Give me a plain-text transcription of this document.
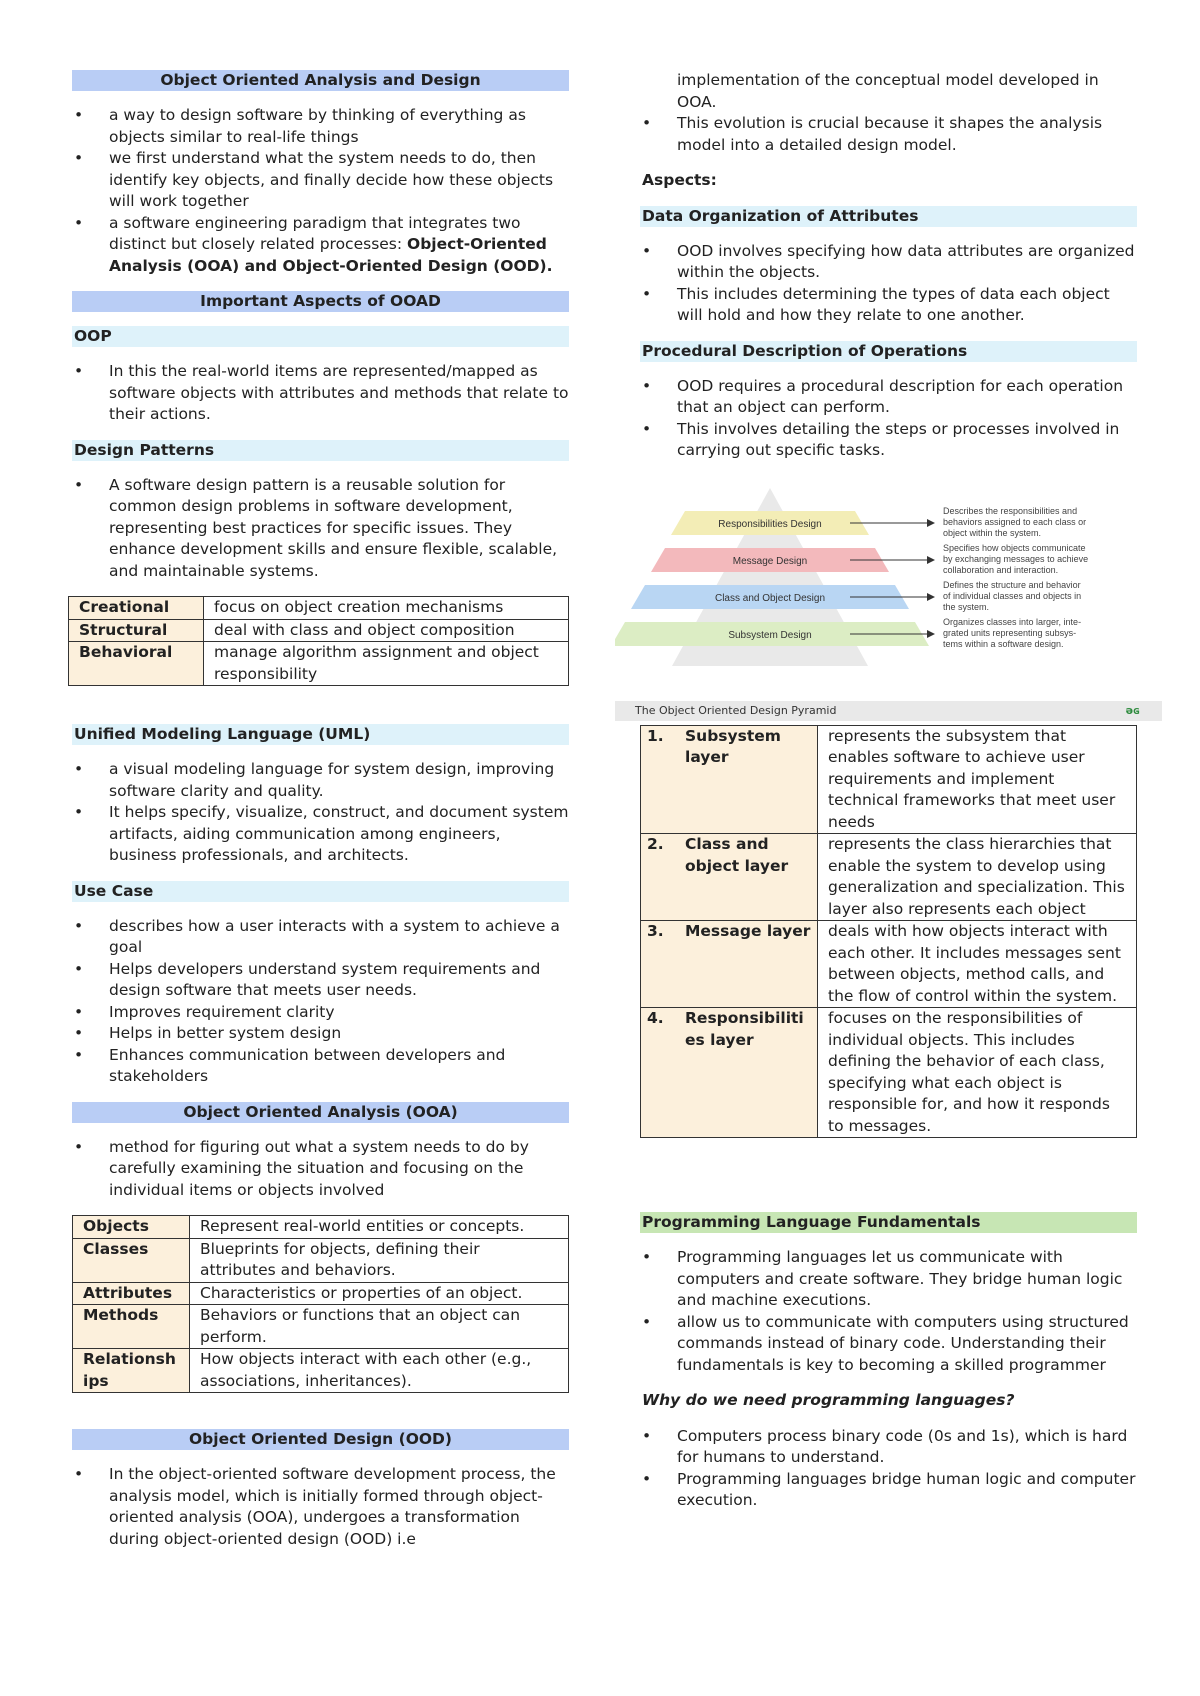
Object Oriented Analysis and Design
• a way to design software by thinking of everything as objects similar to real-life things
• we first understand what the system needs to do, then identify key objects, and finally decide how these objects will work together
• a software engineering paradigm that integrates two distinct but closely related processes: Object-Oriented Analysis (OOA) and Object-Oriented Design (OOD).
Important Aspects of OOAD
OOP
• In this the real-world items are represented/mapped as software objects with attributes and methods that relate to their actions.
Design Patterns
• A software design pattern is a reusable solution for common design problems in software development, representing best practices for specific issues. They enhance development skills and ensure flexible, scalable, and maintainable systems.
Creational	focus on object creation mechanisms
Structural	deal with class and object composition
Behavioral	manage algorithm assignment and object responsibility
Unified Modeling Language (UML)
• a visual modeling language for system design, improving software clarity and quality.
• It helps specify, visualize, construct, and document system artifacts, aiding communication among engineers, business professionals, and architects.
Use Case
• describes how a user interacts with a system to achieve a goal
• Helps developers understand system requirements and design software that meets user needs.
• Improves requirement clarity
• Helps in better system design
• Enhances communication between developers and stakeholders
Object Oriented Analysis (OOA)
• method for figuring out what a system needs to do by carefully examining the situation and focusing on the individual items or objects involved
Objects	Represent real-world entities or concepts.
Classes	Blueprints for objects, defining their attributes and behaviors.
Attributes	Characteristics or properties of an object.
Methods	Behaviors or functions that an object can perform.
Relationships	How objects interact with each other (e.g., associations, inheritances).
Object Oriented Design (OOD)
• In the object-oriented software development process, the analysis model, which is initially formed through object-oriented analysis (OOA), undergoes a transformation during object-oriented design (OOD) i.e
implementation of the conceptual model developed in OOA.
• This evolution is crucial because it shapes the analysis model into a detailed design model.
Aspects:
Data Organization of Attributes
• OOD involves specifying how data attributes are organized within the objects.
• This includes determining the types of data each object will hold and how they relate to one another.
Procedural Description of Operations
• OOD requires a procedural description for each operation that an object can perform.
• This involves detailing the steps or processes involved in carrying out specific tasks.
Responsibilities Design
Describes the responsibilities and
behaviors assigned to each class or
object within the system.
Message Design
Specifies how objects communicate
by exchanging messages to achieve
collaboration and interaction.
Class and Object Design
Defines the structure and behavior
of individual classes and objects in
the system.
Subsystem Design
Organizes classes into larger, inte-
grated units representing subsys-
tems within a software design.
The Object Oriented Design Pyramid	əɢ
1. Subsystem layer	represents the subsystem that enables software to achieve user requirements and implement technical frameworks that meet user needs

2. Class and object layer	represents the class hierarchies that enable the system to develop using generalization and specialization. This layer also represents each object

3. Message layer	deals with how objects interact with each other. It includes messages sent between objects, method calls, and the flow of control within the system.

4. Responsibilities layer	focuses on the responsibilities of individual objects. This includes defining the behavior of each class, specifying what each object is responsible for, and how it responds to messages.
Programming Language Fundamentals
• Programming languages let us communicate with computers and create software. They bridge human logic and machine executions.
• allow us to communicate with computers using structured commands instead of binary code. Understanding their fundamentals is key to becoming a skilled programmer
Why do we need programming languages?
• Computers process binary code (0s and 1s), which is hard for humans to understand.
• Programming languages bridge human logic and computer execution.
